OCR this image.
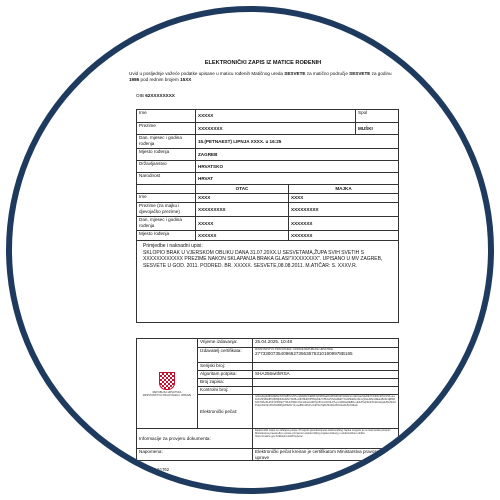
ELEKTRONIČKI ZAPIS IZ MATICE ROĐENIH
Uvid u posljednje važeće podatke upisane u maticu rođenih Matičnog ureda SESVETE za matično područje SESVETE za godinu 1986 pod rednim brojem 15XX
OIB 62XXXXXXXX
Ime	XXXXX		Spol
Prezime	XXXXXXXX		MUŠKI
Dan, mjesec i godina rođenja	15.(PETNAEST) LIPNJA XXXX. u 16:25		
Mjesto rođenja	ZAGREB		
Državljanstvo	HRVATSKO		
Narodnost	HRVAT		
	OTAC	MAJKA	
Ime	XXXX	XXXX	
Prezime (za majku i djevojačko prezime)	XXXXXXXXX	XXXXXXXXX	
Dan, mjesec i godina rođenja	XXXXX	XXXXXXX	
Mjesto rođenja	XXXXXX	XXXXXXX	

Primjedbe i naknadni upisi:
SKLOPIO BRAK U VJERSKOM OBLIKU DANA 31.07.20XX.U SESVETAMA,ŽUPA SVIH SVETIH S XXXXXXXXXXXX PREZIME NAKON SKLAPANJA BRAKA GLASI"XXXXXXXX". UPISANO U MV ZAGREB, SESVETE U GOD. 2011. PODRED. BR. XXXXX. SESVETE,08.08.2011. M.ATIČAR: S. XXXV.R.			
REPUBLIKA HRVATSKA
MINISTARSTVO PRAVOSUĐA I UPRAVE	Vrijeme izdavanja:	25.04.2025. 10:48
	Izdavatelj certifikata:	MINISTARSTVO PRAVOSUĐA I UPRAVE REPUBLIKE HRVATSKE
2773300735409662735636763101909978B165

	Serijski broj:	
	Algoritam potpisa:	SHA256withRSA
	Broj zapisa:	
	Kontrolni broj:	
	Elektronički pečat:	m0Gv9ejsb8b4dW6mSTXHBYvs7P+nqN6d1FKEPR7qb3D0aa0G4F0tRzIdVLf4dsnrm1EYae2HuDEYFlzl0ItmPSUzSh+pa1kFrZ4SB4dP0JBI3jNb0uAfNYDGB+OE78HD0P5h6jAdHY7B4U/Vh2wMaPYGvR5fa0bmlNmQhwH9bcH3EanB/tKnqB9tNb0C78Ae6LdXbYP4R9p7Y8HvT6ikhm5mH3uwsHK5pn6VmU1K3L9T+pc4f4JHiq9k8Dv+E4vfSuF9oKXL9k4u0yakI5m5t4HPUpC3sh9mK5VFHBZQH8fw9nY3+oe8Rs1FUP+6nPhG7q8m6h4fGv8LKdxuRJG3rNkuk

Informacije za provjeru dokumenta:		Elektronički zapis ne zahtijeva potpis. Provjeriti vjerodostojnost elektroničkog zapisa moguće je na internetskoj stranici Ministarstva pravosuđa i uprave primjenom elektroničkog zapisa izdanog u elektroničkom obliku https://matice.gov.hr/ElektronickiProvjera/.

Napomena:		Elektronički pečat kreiran je certifikatom Ministarstva pravosuđa i uprave
2025-0002-51762	Stranica 1 od 1
